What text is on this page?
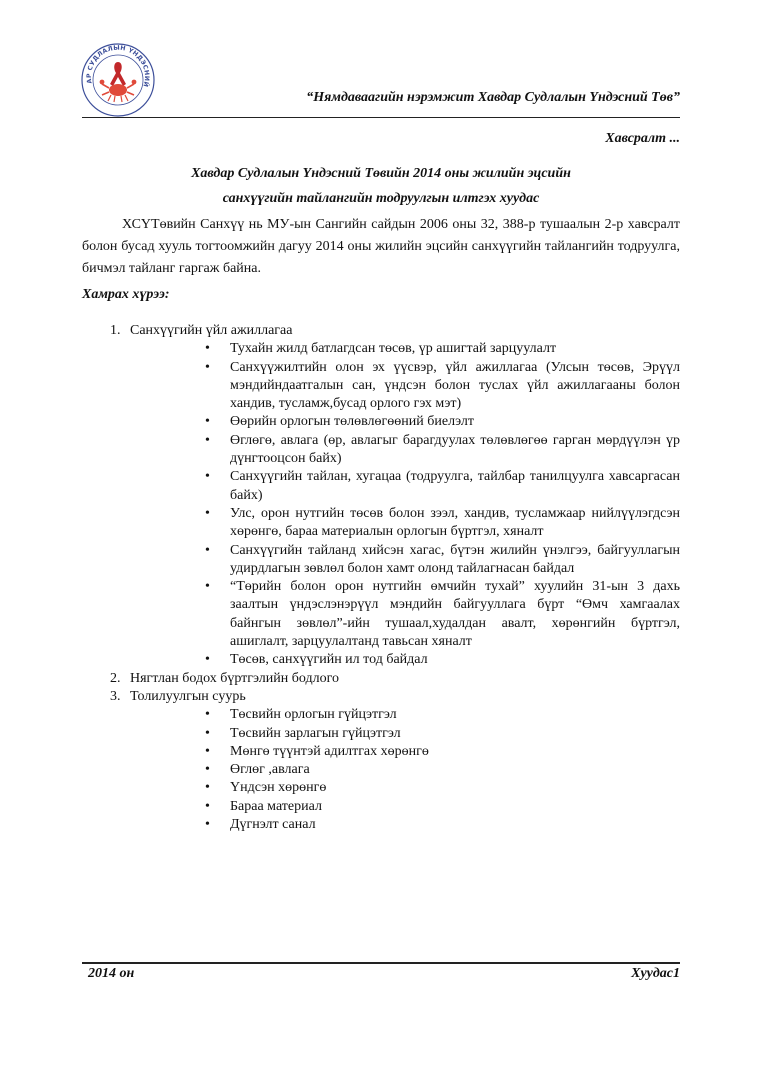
АР СУДЛАЛЫН ҮНДЭСНИЙ
“Нямдаваагийн нэрэмжит Хавдар Судлалын Үндэсний Төв”
Хавсралт ...
Хавдар Судлалын Үндэсний Төвийн 2014 оны жилийн эцсийн
санхүүгийн тайлангийн тодруулгын илтгэх хуудас

ХСҮТөвийн Санхүү нь МУ-ын Сангийн сайдын 2006 оны 32, 388-р тушаалын 2-р хавсралт болон бусад хууль тогтоомжийн дагуу 2014 оны жилийн эцсийн санхүүгийн тайлангийн тодруулга, бичмэл тайланг гаргаж байна.

Хамрах хүрээ:
1. Санхүүгийн үйл ажиллагаа
• Тухайн жилд батлагдсан төсөв, үр ашигтай зарцуулалт
• Санхүүжилтийн олон эх үүсвэр, үйл ажиллагаа (Улсын төсөв, Эрүүл мэндийндаатгалын сан, үндсэн болон туслах үйл ажиллагааны болон хандив, тусламж,бусад орлого гэх мэт)
• Өөрийн орлогын төлөвлөгөөний биелэлт
• Өглөгө, авлага (өр, авлагыг барагдуулах төлөвлөгөө гарган мөрдүүлэн үр дүнгтооцсон байх)
• Санхүүгийн тайлан, хугацаа (тодруулга, тайлбар танилцуулга хавсаргасан байх)
• Улс, орон нутгийн төсөв болон зээл, хандив, тусламжаар нийлүүлэгдсэн хөрөнгө, бараа материалын орлогын бүртгэл, хяналт
• Санхүүгийн тайланд хийсэн хагас, бүтэн жилийн үнэлгээ, байгууллагын удирдлагын зөвлөл болон хамт олонд тайлагнасан байдал
• “Төрийн болон орон нутгийн өмчийн тухай” хуулийн 31-ын 3 дахь заалтын үндэслэнэрүүл мэндийн байгууллага бүрт “Өмч хамгаалах байнгын зөвлөл”-ийн тушаал,худалдан авалт, хөрөнгийн бүртгэл, ашиглалт, зарцуулалтанд тавьсан хяналт
• Төсөв, санхүүгийн ил тод байдал
2. Нягтлан бодох бүртгэлийн бодлого
3. Толилуулгын суурь
• Төсвийн орлогын гүйцэтгэл
• Төсвийн зарлагын гүйцэтгэл
• Мөнгө түүнтэй адилтгах хөрөнгө
• Өглөг ,авлага
• Үндсэн хөрөнгө
• Бараа материал
• Дүгнэлт санал
2014 он	Хуудас1
